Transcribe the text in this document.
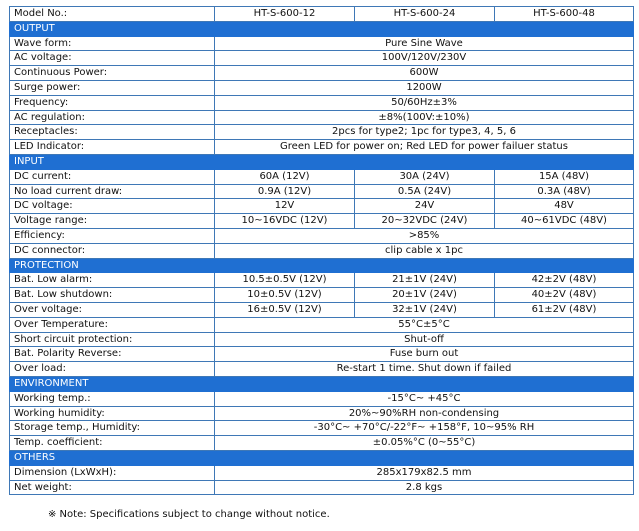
Model No.:	HT-S-600-12	HT-S-600-24	HT-S-600-48
OUTPUT			
Wave form:	Pure Sine Wave		
AC voltage:	100V/120V/230V		
Continuous Power:	600W		
Surge power:	1200W		
Frequency:	50/60Hz±3%		
AC regulation:	±8%(100V:±10%)		
Receptacles:	2pcs for type2; 1pc for type3, 4, 5, 6		
LED Indicator:	Green LED for power on; Red LED for power failuer status		
INPUT			
DC current:	60A (12V)	30A (24V)	15A (48V)
No load current draw:	0.9A (12V)	0.5A (24V)	0.3A (48V)
DC voltage:	12V	24V	48V
Voltage range:	10~16VDC (12V)	20~32VDC (24V)	40~61VDC (48V)
Efficiency:	>85%		
DC connector:	clip cable x 1pc		
PROTECTION			
Bat. Low alarm:	10.5±0.5V (12V)	21±1V (24V)	42±2V (48V)
Bat. Low shutdown:	10±0.5V (12V)	20±1V (24V)	40±2V (48V)
Over voltage:	16±0.5V (12V)	32±1V (24V)	61±2V (48V)
Over Temperature:	55°C±5°C		
Short circuit protection:	Shut-off		
Bat. Polarity Reverse:	Fuse burn out		
Over load:	Re-start 1 time. Shut down if failed		
ENVIRONMENT			
Working temp.:	-15°C~ +45°C		
Working humidity:	20%~90%RH non-condensing		
Storage temp., Humidity:	-30°C~ +70°C/-22°F~ +158°F, 10~95% RH		
Temp. coefficient:	±0.05%°C (0~55°C)		
OTHERS			
Dimension (LxWxH):	285x179x82.5 mm		
Net weight:	2.8 kgs		
※ Note: Specifications subject to change without notice.
